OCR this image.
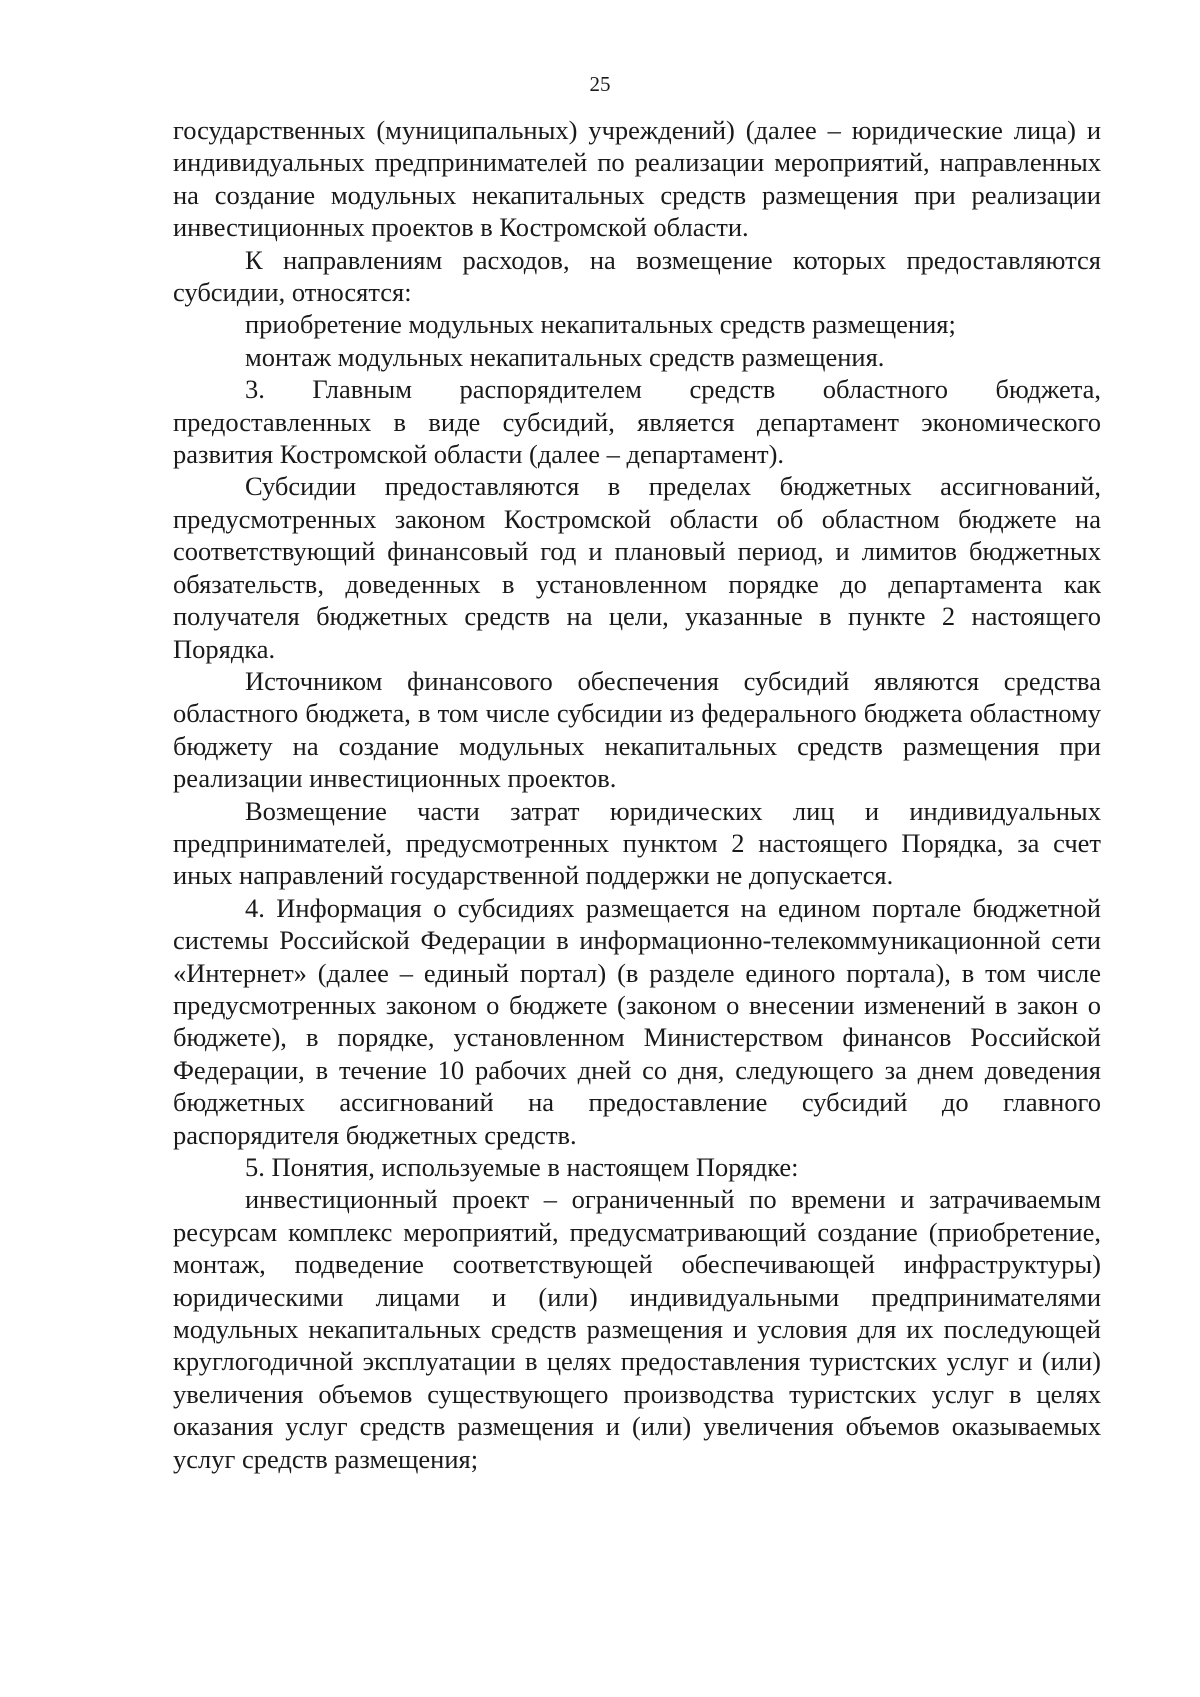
25

государственных (муниципальных) учреждений) (далее – юридические лица) и индивидуальных предпринимателей по реализации мероприятий, направленных на создание модульных некапитальных средств размещения при реализации инвестиционных проектов в Костромской области.

К направлениям расходов, на возмещение которых предоставляются субсидии, относятся:

приобретение модульных некапитальных средств размещения;

монтаж модульных некапитальных средств размещения.

3. Главным распорядителем средств областного бюджета, предоставленных в виде субсидий, является департамент экономического развития Костромской области (далее – департамент).

Субсидии предоставляются в пределах бюджетных ассигнований, предусмотренных законом Костромской области об областном бюджете на соответствующий финансовый год и плановый период, и лимитов бюджетных обязательств, доведенных в установленном порядке до департамента как получателя бюджетных средств на цели, указанные в пункте 2 настоящего Порядка.

Источником финансового обеспечения субсидий являются средства областного бюджета, в том числе субсидии из федерального бюджета областному бюджету на создание модульных некапитальных средств размещения при реализации инвестиционных проектов.

Возмещение части затрат юридических лиц и индивидуальных предпринимателей, предусмотренных пунктом 2 настоящего Порядка, за счет иных направлений государственной поддержки не допускается.

4. Информация о субсидиях размещается на едином портале бюджетной системы Российской Федерации в информационно-телекоммуникационной сети «Интернет» (далее – единый портал) (в разделе единого портала), в том числе предусмотренных законом о бюджете (законом о внесении изменений в закон о бюджете), в порядке, установленном Министерством финансов Российской Федерации, в течение 10 рабочих дней со дня, следующего за днем доведения бюджетных ассигнований на предоставление субсидий до главного распорядителя бюджетных средств.

5. Понятия, используемые в настоящем Порядке:

инвестиционный проект – ограниченный по времени и затрачиваемым ресурсам комплекс мероприятий, предусматривающий создание (приобретение, монтаж, подведение соответствующей обеспечивающей инфраструктуры) юридическими лицами и (или) индивидуальными предпринимателями модульных некапитальных средств размещения и условия для их последующей круглогодичной эксплуатации в целях предоставления туристских услуг и (или) увеличения объемов существующего производства туристских услуг в целях оказания услуг средств размещения и (или) увеличения объемов оказываемых услуг средств размещения;
